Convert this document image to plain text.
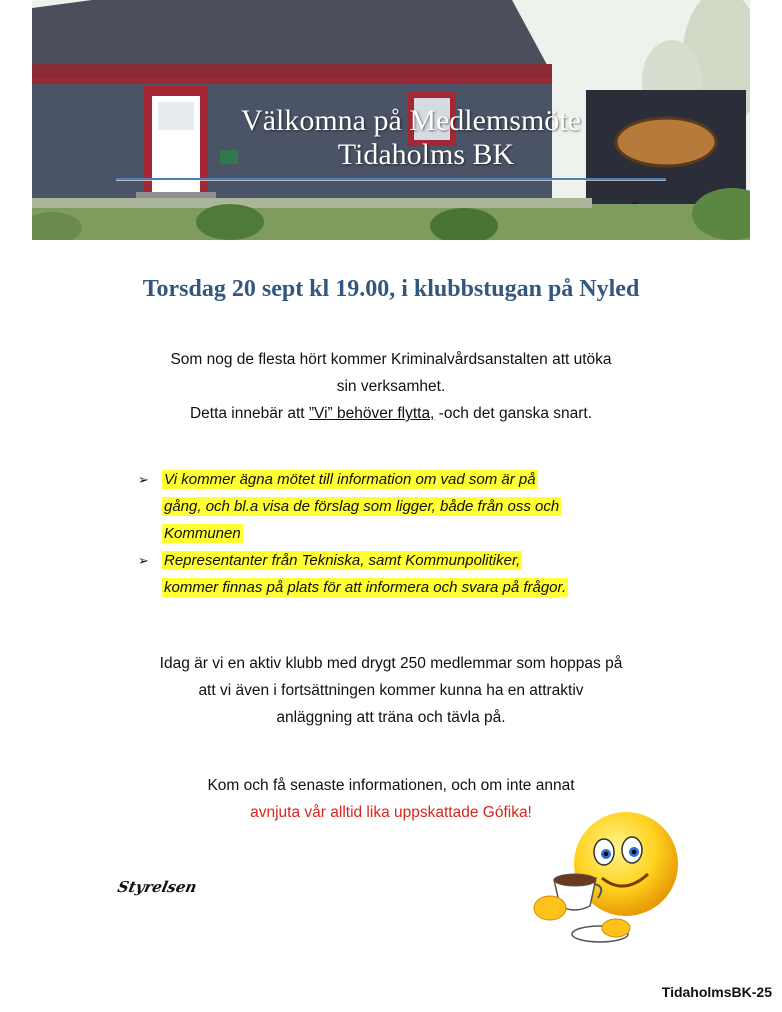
Välkomna på Medlemsmöte
Tidaholms BK
Torsdag 20 sept kl 19.00, i klubbstugan på Nyled
Som nog de flesta hört kommer Kriminalvårdsanstalten att utöka
sin verksamhet.
Detta innebär att ”Vi” behöver flytta, -och det ganska snart.
➢ Vi kommer ägna mötet till information om vad som är på
gång, och bl.a visa de förslag som ligger, både från oss och
Kommunen
➢ Representanter från Tekniska, samt Kommunpolitiker,
kommer finnas på plats för att informera och svara på frågor.
Idag är vi en aktiv klubb med drygt 250 medlemmar som hoppas på
att vi även i fortsättningen kommer kunna ha en attraktiv
anläggning att träna och tävla på.
Kom och få senaste informationen, och om inte annat
avnjuta vår alltid lika uppskattade Gófika!
Styrelsen
TidaholmsBK-25
